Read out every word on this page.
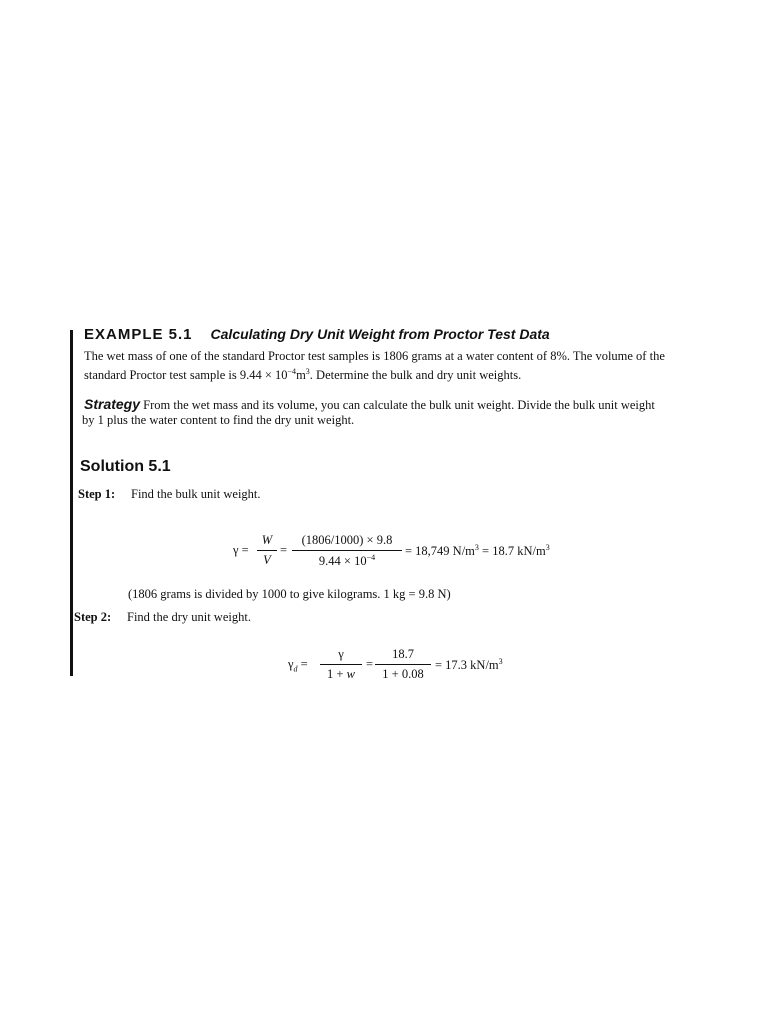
EXAMPLE 5.1 Calculating Dry Unit Weight from Proctor Test Data
The wet mass of one of the standard Proctor test samples is 1806 grams at a water content of 8%. The volume of the
standard Proctor test sample is $9.44 \times 10^{-4}m^3$. Determine the bulk and dry unit weights.
Strategy From the wet mass and its volume, you can calculate the bulk unit weight. Divide the bulk unit weight
by 1 plus the water content to find the dry unit weight.
Solution 5.1
Step 1: Find the bulk unit weight.
$\gamma = \frac{W}{V} = \frac{(1806/1000) \times 9.8}{9.44 \times 10^{-4}} = 18,749$ $N/m^3 = 18.7$ $kN/m^3$
(1806 grams is divided by 1000 to give kilograms. 1 kg = 9.8 N)
Step 2: Find the dry unit weight.
$\gamma_d = \frac{\gamma}{1 + w} = \frac{18.7}{1 + 0.08} = 17.3$ $kN/m^3$
